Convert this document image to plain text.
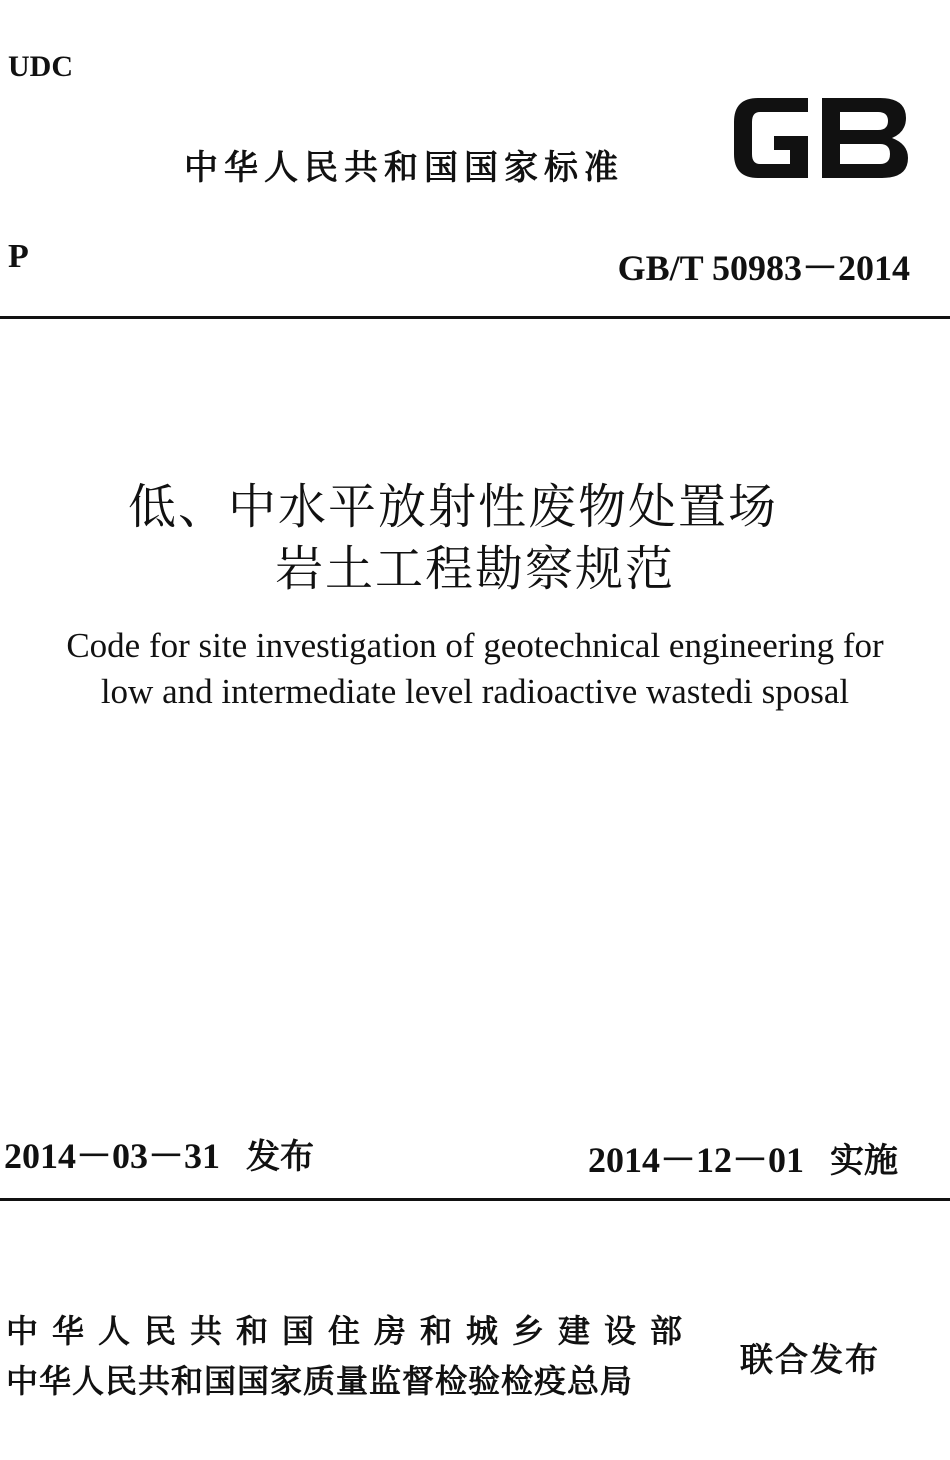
UDC
中华人民共和国国家标准
P	GB/T 50983－2014
低、中水平放射性废物处置场
岩土工程勘察规范
Code for site investigation of geotechnical engineering for
low and intermediate level radioactive wastedi sposal
2014－03－31 发布	2014－12－01 实施
中华人民共和国住房和城乡建设部
中华人民共和国国家质量监督检验检疫总局
联合发布
